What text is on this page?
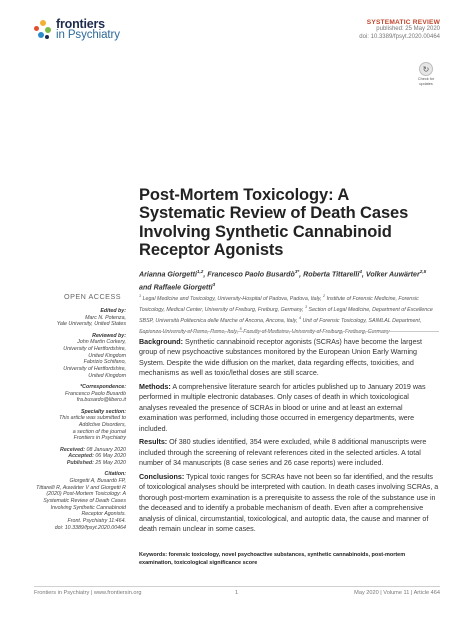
frontiers
in Psychiatry
SYSTEMATIC REVIEW
published: 25 May 2020
doi: 10.3389/fpsyt.2020.00464
↻
Check for
updates
Post-Mortem Toxicology: A Systematic Review of Death Cases Involving Synthetic Cannabinoid Receptor Agonists
Arianna Giorgetti$^{1,2}$, Francesco Paolo Busardò$^{3*}$, Roberta Tittarelli$^4$, Volker Auwärter$^{2,5}$ and Raffaele Giorgetti$^3$
$^1$ Legal Medicine and Toxicology, University-Hospital of Padova, Padova, Italy, $^2$ Institute of Forensic Medicine, Forensic Toxicology, Medical Center, University of Freiburg, Freiburg, Germany, $^3$ Section of Legal Medicine, Department of Excellence SBSP, Università Politecnica delle Marche of Ancona, Ancona, Italy, $^4$ Unit of Forensic Toxicology, SAIMLAL Department, $^5$

Background: Synthetic cannabinoid receptor agonists (SCRAs) have become the largest group of new psychoactive substances monitored by the European Union Early Warning System. Despite the wide diffusion on the market, data regarding effects, toxicities, and mechanisms as well as toxic/lethal doses are still scarce.

Methods: A comprehensive literature search for articles published up to January 2019 was performed in multiple electronic databases. Only cases of death in which toxicological analyses revealed the presence of SCRAs in blood or urine and at least an external examination was performed, including those occurred in emergency departments, were included.

Results: Of 380 studies identified, 354 were excluded, while 8 additional manuscripts were included through the screening of relevant references cited in the selected articles. A total number of 34 manuscripts (8 case series and 26 case reports) were included.

Conclusions: Typical toxic ranges for SCRAs have not been so far identified, and the results of toxicological analyses should be interpreted with caution. In death cases involving SCRAs, a thorough post-mortem examination is a prerequisite to assess the role of the substance use in the deceased and to identify a probable mechanism of death. Even after a comprehensive analysis of clinical, circumstantial, toxicological, and autoptic data, the cause and manner of death remain unclear in some cases.

Keywords: forensic toxicology, novel psychoactive substances, synthetic cannabinoids, post-mortem examination, toxicological significance score
OPEN ACCESS
Edited by:
Marc N. Potenza,
Yale University, United States
Reviewed by:
John Martin Corkery,
University of Hertfordshire,
United Kingdom
Fabrizio Schifano,
University of Hertfordshire,
United Kingdom
*Correspondence:
Francesco Paolo Busardò
fra.busardo@libero.it
Specialty section:
This article was submitted to
Addictive Disorders,
a section of the journal
Frontiers in Psychiatry
Received: 08 January 2020
Accepted: 06 May 2020
Published: 25 May 2020
Citation:
Giorgetti A, Busardò FP,
Tittarelli R, Auwärter V and Giorgetti R
(2020) Post-Mortem Toxicology: A
Systematic Review of Death Cases
Involving Synthetic Cannabinoid
Receptor Agonists.
Front. Psychiatry 11:464.
doi: 10.3389/fpsyt.2020.00464
Frontiers in Psychiatry | www.frontiersin.org	1	May 2020 | Volume 11 | Article 464
